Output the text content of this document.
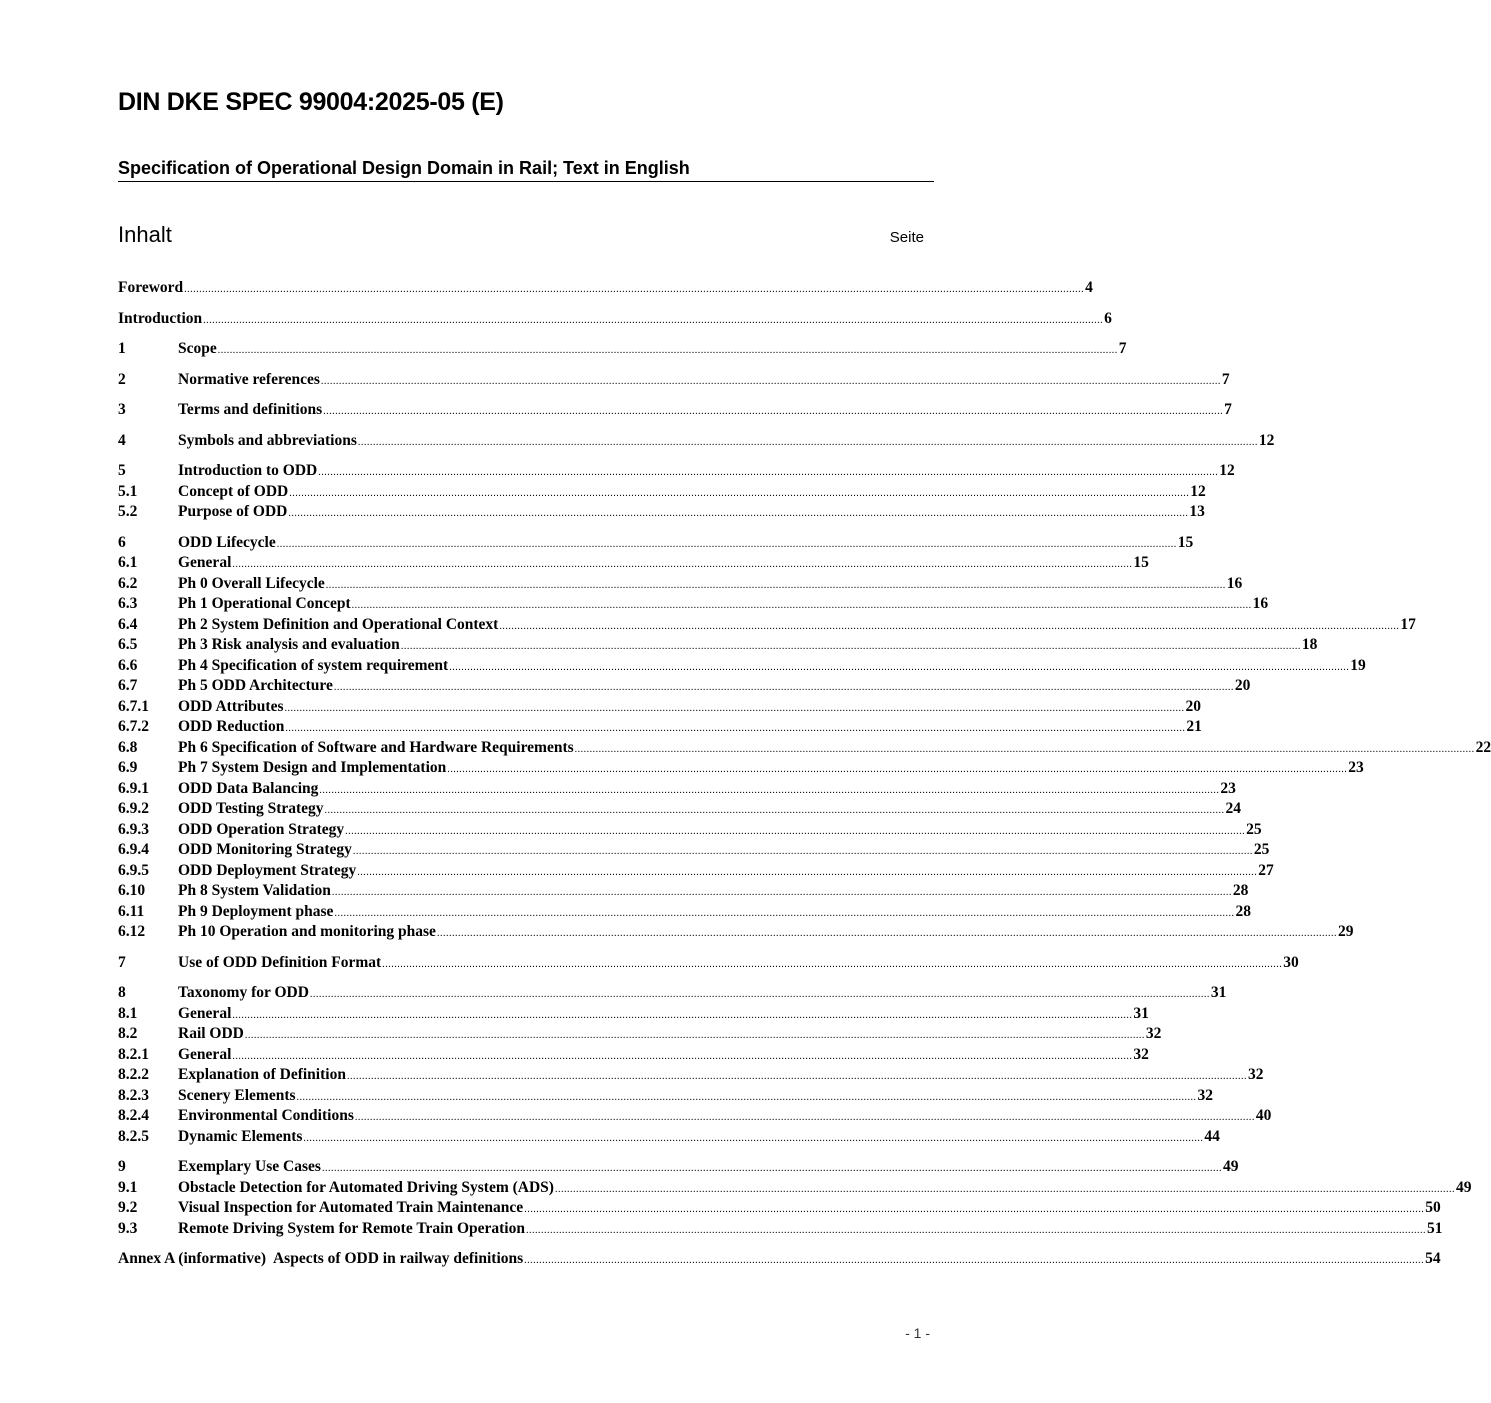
DIN DKE SPEC 99004:2025-05 (E)
Specification of Operational Design Domain in Rail; Text in English
Inhalt	Seite
Foreword ............................................................................................................................................................................................................................................................................................................ 4
Introduction ............................................................................................................................................................................................................................................................................................................ 6
1	Scope ............................................................................................................................................................................................................................................................................................................ 7
2	Normative references ............................................................................................................................................................................................................................................................................................................ 7
3	Terms and definitions ............................................................................................................................................................................................................................................................................................................ 7
4	Symbols and abbreviations ............................................................................................................................................................................................................................................................................................................ 12
5	Introduction to ODD ............................................................................................................................................................................................................................................................................................................ 12
5.1	Concept of ODD ............................................................................................................................................................................................................................................................................................................ 12
5.2	Purpose of ODD ............................................................................................................................................................................................................................................................................................................ 13
6	ODD Lifecycle ............................................................................................................................................................................................................................................................................................................ 15
6.1	General ............................................................................................................................................................................................................................................................................................................ 15
6.2	Ph 0 Overall Lifecycle ............................................................................................................................................................................................................................................................................................................ 16
6.3	Ph 1 Operational Concept ............................................................................................................................................................................................................................................................................................................ 16
6.4	Ph 2 System Definition and Operational Context ............................................................................................................................................................................................................................................................................................................ 17
6.5	Ph 3 Risk analysis and evaluation ............................................................................................................................................................................................................................................................................................................ 18
6.6	Ph 4 Specification of system requirement ............................................................................................................................................................................................................................................................................................................ 19
6.7	Ph 5 ODD Architecture ............................................................................................................................................................................................................................................................................................................ 20
6.7.1	ODD Attributes ............................................................................................................................................................................................................................................................................................................ 20
6.7.2	ODD Reduction ............................................................................................................................................................................................................................................................................................................ 21
6.8	Ph 6 Specification of Software and Hardware Requirements ............................................................................................................................................................................................................................................................................................................ 22
6.9	Ph 7 System Design and Implementation ............................................................................................................................................................................................................................................................................................................ 23
6.9.1	ODD Data Balancing ............................................................................................................................................................................................................................................................................................................ 23
6.9.2	ODD Testing Strategy ............................................................................................................................................................................................................................................................................................................ 24
6.9.3	ODD Operation Strategy ............................................................................................................................................................................................................................................................................................................ 25
6.9.4	ODD Monitoring Strategy ............................................................................................................................................................................................................................................................................................................ 25
6.9.5	ODD Deployment Strategy ............................................................................................................................................................................................................................................................................................................ 27
6.10	Ph 8 System Validation ............................................................................................................................................................................................................................................................................................................ 28
6.11	Ph 9 Deployment phase ............................................................................................................................................................................................................................................................................................................ 28
6.12	Ph 10 Operation and monitoring phase ............................................................................................................................................................................................................................................................................................................ 29
7	Use of ODD Definition Format ............................................................................................................................................................................................................................................................................................................ 30
8	Taxonomy for ODD ............................................................................................................................................................................................................................................................................................................ 31
8.1	General ............................................................................................................................................................................................................................................................................................................ 31
8.2	Rail ODD ............................................................................................................................................................................................................................................................................................................ 32
8.2.1	General ............................................................................................................................................................................................................................................................................................................ 32
8.2.2	Explanation of Definition ............................................................................................................................................................................................................................................................................................................ 32
8.2.3	Scenery Elements ............................................................................................................................................................................................................................................................................................................ 32
8.2.4	Environmental Conditions ............................................................................................................................................................................................................................................................................................................ 40
8.2.5	Dynamic Elements ............................................................................................................................................................................................................................................................................................................ 44
9	Exemplary Use Cases ............................................................................................................................................................................................................................................................................................................ 49
9.1	Obstacle Detection for Automated Driving System (ADS) ............................................................................................................................................................................................................................................................................................................ 49
9.2	Visual Inspection for Automated Train Maintenance ............................................................................................................................................................................................................................................................................................................ 50
9.3	Remote Driving System for Remote Train Operation ............................................................................................................................................................................................................................................................................................................ 51
Annex A (informative)  Aspects of ODD in railway definitions ............................................................................................................................................................................................................................................................................................................ 54
- 1 -
